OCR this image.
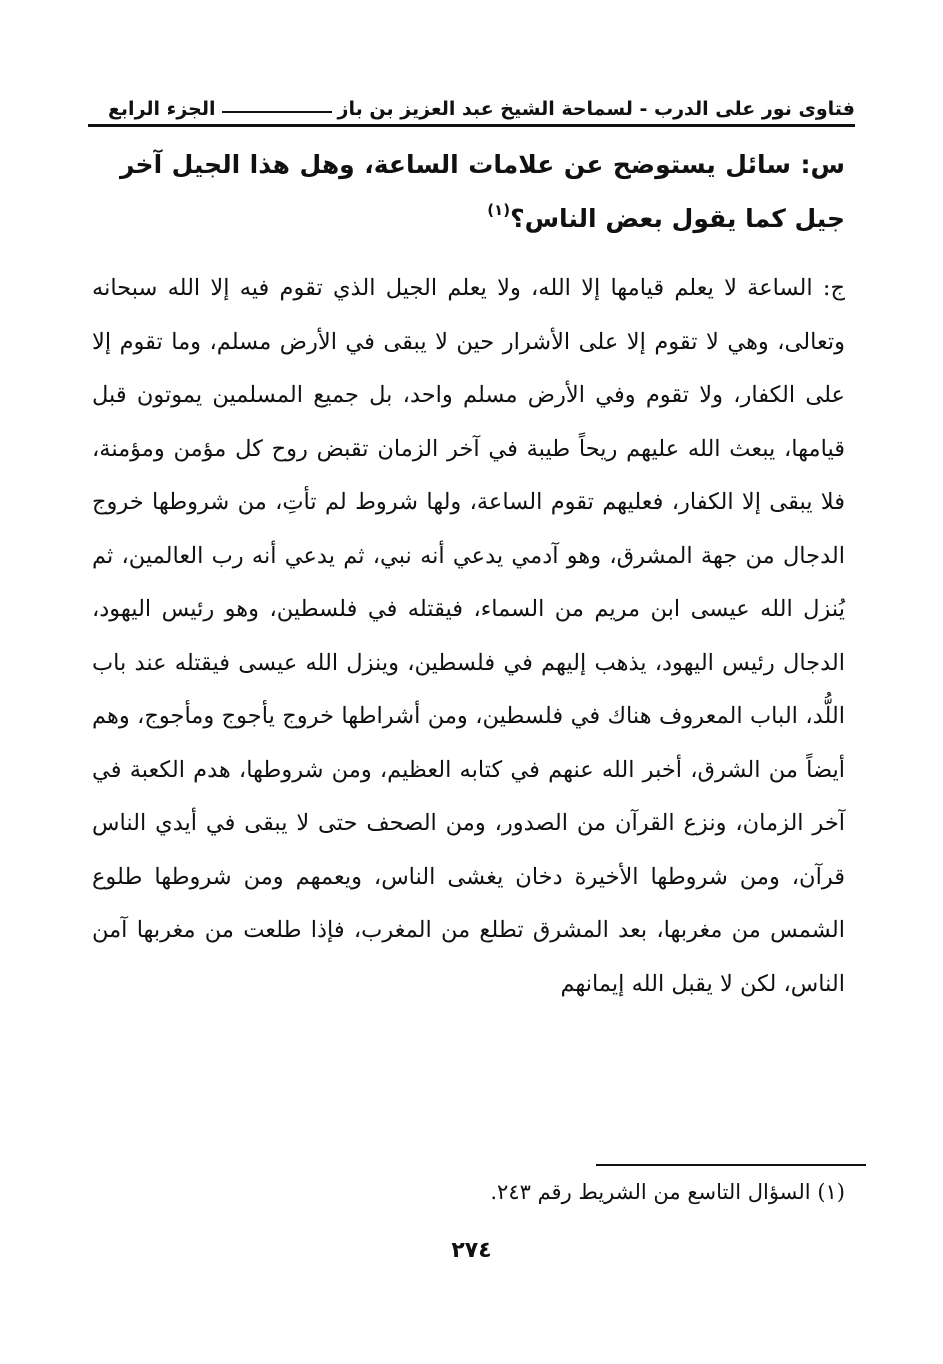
فتاوى نور على الدرب - لسماحة الشيخ عبد العزيز بن باز
الجزء الرابع
س: سائل يستوضح عن علامات الساعة، وهل هذا الجيل آخر جيل كما يقول بعض الناس؟$^{(١)}$
ج: الساعة لا يعلم قيامها إلا الله، ولا يعلم الجيل الذي تقوم فيه إلا الله سبحانه وتعالى، وهي لا تقوم إلا على الأشرار حين لا يبقى في الأرض مسلم، وما تقوم إلا على الكفار، ولا تقوم وفي الأرض مسلم واحد، بل جميع المسلمين يموتون قبل قيامها، يبعث الله عليهم ريحاً طيبة في آخر الزمان تقبض روح كل مؤمن ومؤمنة، فلا يبقى إلا الكفار، فعليهم تقوم الساعة، ولها شروط لم تأتِ، من شروطها خروج الدجال من جهة المشرق، وهو آدمي يدعي أنه نبي، ثم يدعي أنه رب العالمين، ثم يُنزل الله عيسى ابن مريم من السماء، فيقتله في فلسطين، وهو رئيس اليهود، الدجال رئيس اليهود، يذهب إليهم في فلسطين، وينزل الله عيسى فيقتله عند باب اللُّد، الباب المعروف هناك في فلسطين، ومن أشراطها خروج يأجوج ومأجوج، وهم أيضاً من الشرق، أخبر الله عنهم في كتابه العظيم، ومن شروطها، هدم الكعبة في آخر الزمان، ونزع القرآن من الصدور، ومن الصحف حتى لا يبقى في أيدي الناس قرآن، ومن شروطها الأخيرة دخان يغشى الناس، ويعمهم ومن شروطها طلوع الشمس من مغربها، بعد المشرق تطلع من المغرب، فإذا طلعت من مغربها آمن الناس، لكن لا يقبل الله إيمانهم
(١) السؤال التاسع من الشريط رقم ٢٤٣.
٢٧٤
